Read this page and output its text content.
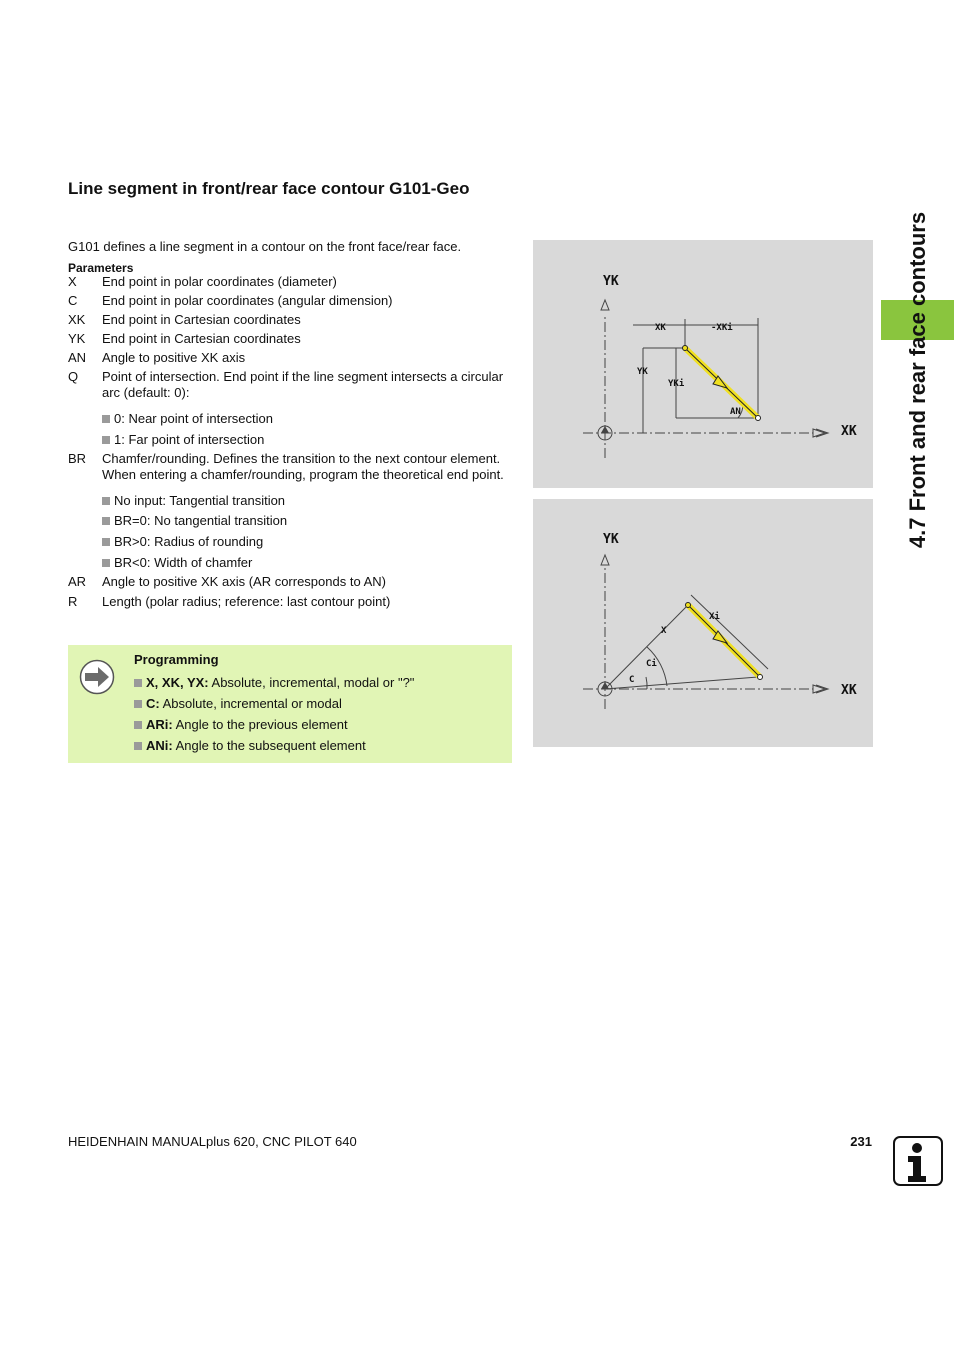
Line segment in front/rear face contour G101-Geo
G101 defines a line segment in a contour on the front face/rear face.
Parameters
X	End point in polar coordinates (diameter)
C	End point in polar coordinates (angular dimension)
XK	End point in Cartesian coordinates
YK	End point in Cartesian coordinates
AN	Angle to positive XK axis
Q	Point of intersection. End point if the line segment intersects a circular arc (default: 0):
0: Near point of intersection
1: Far point of intersection
BR	Chamfer/rounding. Defines the transition to the next contour element. When entering a chamfer/rounding, program the theoretical end point.
No input: Tangential transition
BR=0: No tangential transition
BR>0: Radius of rounding
BR<0: Width of chamfer
AR	Angle to positive XK axis (AR corresponds to AN)
R	Length (polar radius; reference: last contour point)
Programming
X, XK, YX: Absolute, incremental, modal or "?"
C: Absolute, incremental or modal
ARi: Angle to the previous element
ANi: Angle to the subsequent element
YK
XK
XK	-XKi
YK
YKi
AN
YK
XK
X
Xi
Ci
C
4.7 Front and rear face contours
HEIDENHAIN MANUALplus 620, CNC PILOT 640	231
